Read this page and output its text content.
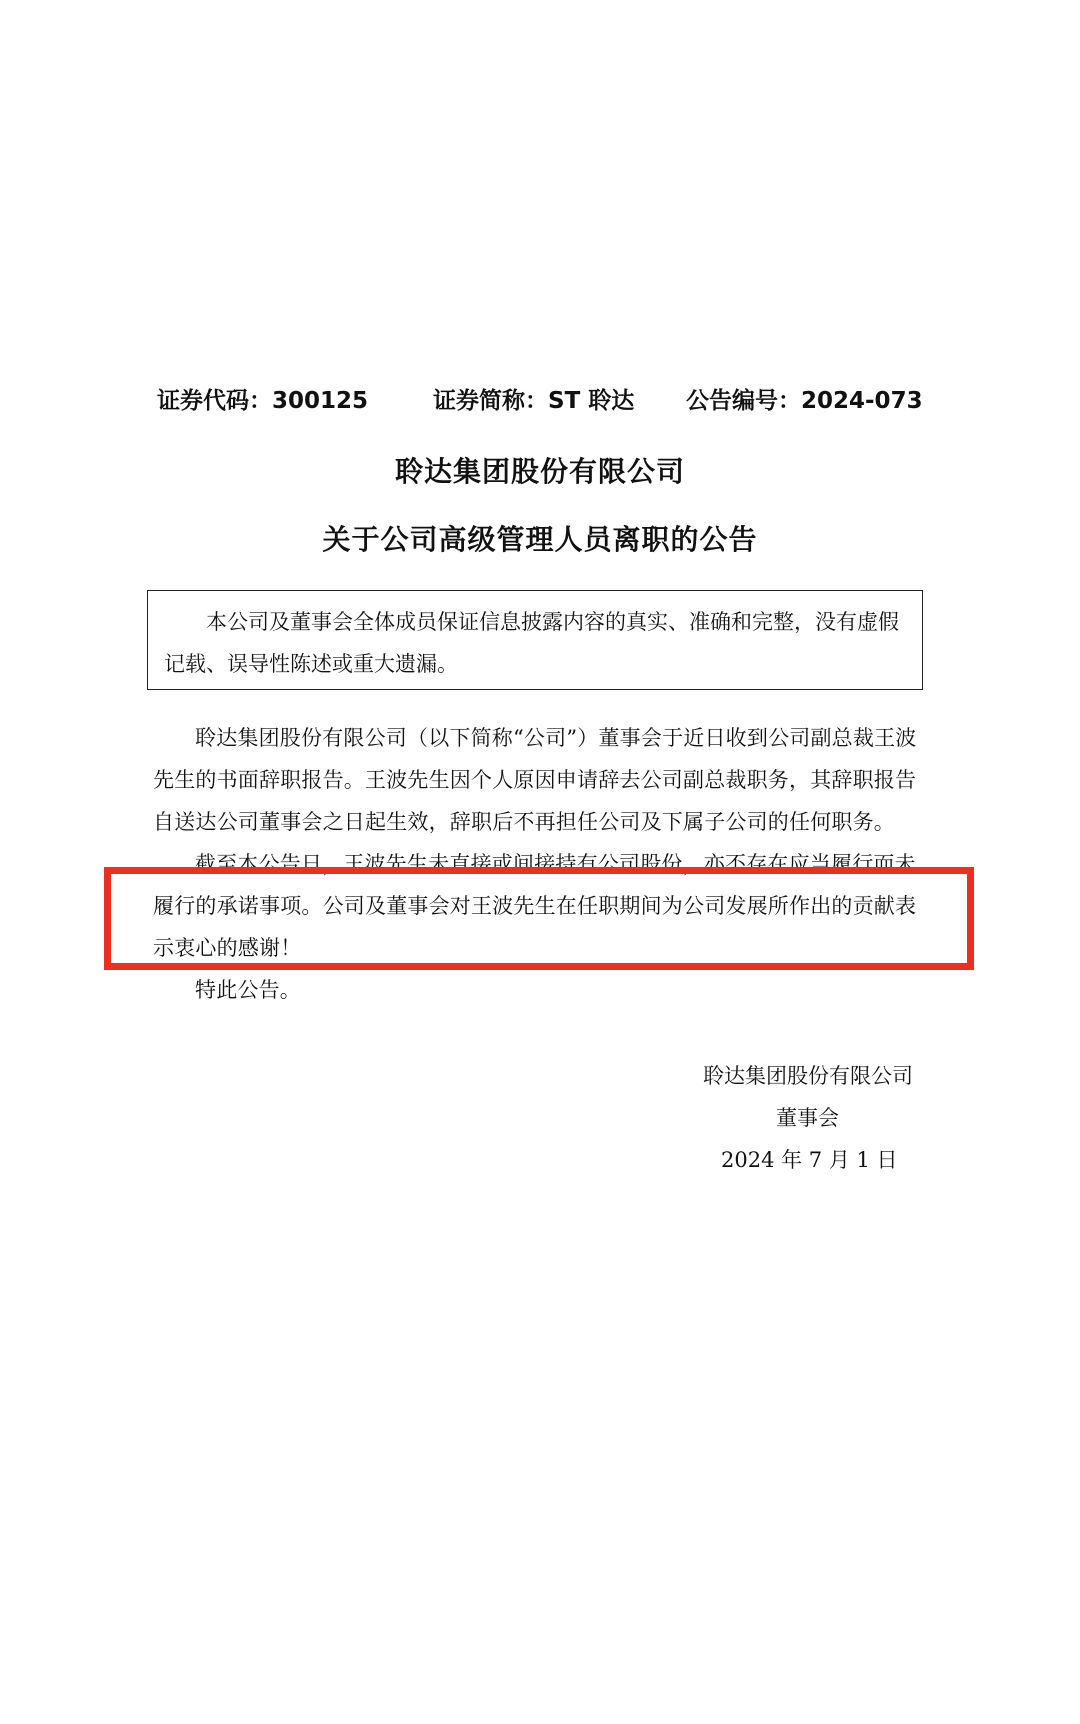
证券代码：300125	证券简称：ST 聆达 公告编号：2024-073
聆达集团股份有限公司
关于公司高级管理人员离职的公告
本公司及董事会全体成员保证信息披露内容的真实、准确和完整，没有虚假
记载、误导性陈述或重大遗漏。
聆达集团股份有限公司（以下简称“公司”）董事会于近日收到公司副总裁王波
先生的书面辞职报告。王波先生因个人原因申请辞去公司副总裁职务，其辞职报告
自送达公司董事会之日起生效，辞职后不再担任公司及下属子公司的任何职务。
截至本公告日，王波先生未直接或间接持有公司股份，亦不存在应当履行而未
履行的承诺事项。公司及董事会对王波先生在任职期间为公司发展所作出的贡献表
示衷心的感谢！
特此公告。
聆达集团股份有限公司
董事会
2024 年 7 月 1 日
